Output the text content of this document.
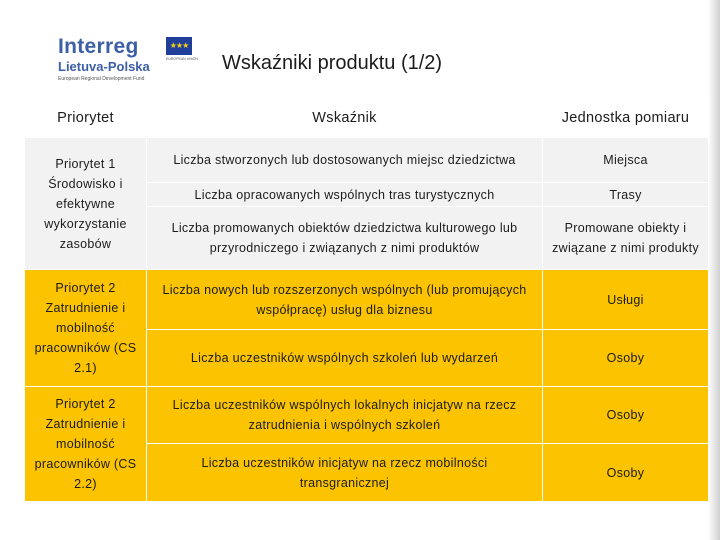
Interreg
Lietuva-Polska
European Regional Development Fund
★★★
EUROPEAN UNION Wskaźniki produktu (1/2)
Priorytet	Wskaźnik	Jednostka pomiaru
Priorytet 1 Środowisko i efektywne wykorzystanie zasobów	Liczba stworzonych lub dostosowanych miejsc dziedzictwa	Miejsca
	Liczba opracowanych wspólnych tras turystycznych	Trasy
	Liczba promowanych obiektów dziedzictwa kulturowego lub przyrodniczego i związanych z nimi produktów	Promowane obiekty i związane z nimi produkty
Priorytet 2 Zatrudnienie i mobilność pracowników (CS 2.1)	Liczba nowych lub rozszerzonych wspólnych (lub promujących współpracę) usług dla biznesu	Usługi
	Liczba uczestników wspólnych szkoleń lub wydarzeń	Osoby
Priorytet 2 Zatrudnienie i mobilność pracowników (CS 2.2)	Liczba uczestników wspólnych lokalnych inicjatyw na rzecz zatrudnienia i wspólnych szkoleń	Osoby
	Liczba uczestników inicjatyw na rzecz mobilności transgranicznej	Osoby
